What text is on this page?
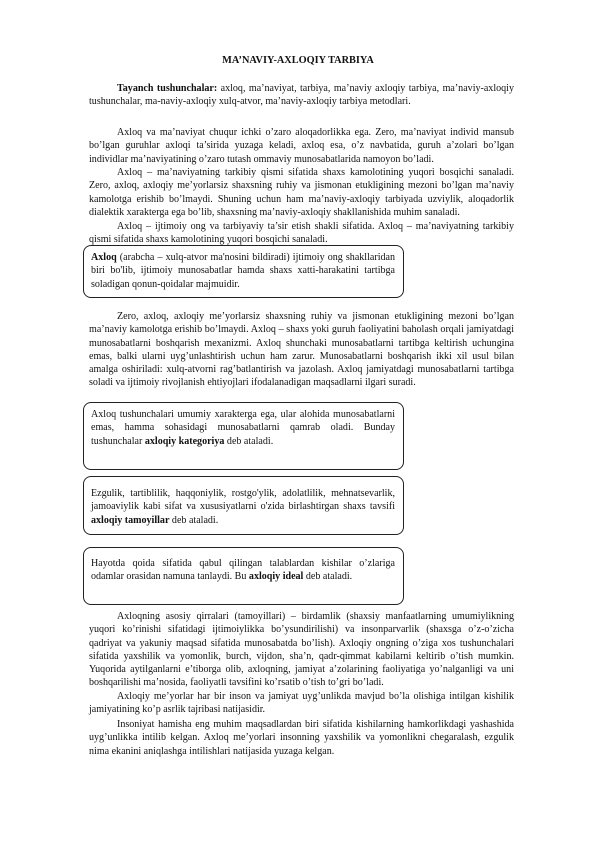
MA’NAVIY-AXLOQIY TARBIYA

Tayanch tushunchalar: axloq, ma’naviyat, tarbiya, ma’naviy axloqiy tarbiya, ma’naviy-axloqiy tushunchalar, ma-naviy-axloqiy xulq-atvor, ma’naviy-axloqiy tarbiya metodlari.

Axloq va ma’naviyat chuqur ichki o’zaro aloqadorlikka ega. Zero, ma’naviyat individ mansub bo’lgan guruhlar axloqi ta’sirida yuzaga keladi, axloq esa, o’z navbatida, guruh a’zolari bo’lgan individlar ma’naviyatining o’zaro tutash ommaviy munosabatlarida namoyon bo’ladi.

Axloq – ma’naviyatning tarkibiy qismi sifatida shaxs kamolotining yuqori bosqichi sanaladi. Zero, axloq, axloqiy me’yorlarsiz shaxsning ruhiy va jismonan etukligining mezoni bo’lgan ma’naviy kamolotga erishib bo’lmaydi. Shuning uchun ham ma’naviy-axloqiy tarbiyada uzviylik, aloqadorlik dialektik xarakterga ega bo’lib, shaxsning ma’naviy-axloqiy shakllanishida muhim sanaladi.

Axloq – ijtimoiy ong va tarbiyaviy ta’sir etish shakli sifatida. Axloq – ma’naviyatning tarkibiy qismi sifatida shaxs kamolotining yuqori bosqichi sanaladi.

Axloq (arabcha – xulq-atvor ma'nosini bildiradi) ijtimoiy ong shakllaridan biri bo'lib, ijtimoiy munosabatlar hamda shaxs xatti-harakatini tartibga soladigan qonun-qoidalar majmuidir.

Zero, axloq, axloqiy me’yorlarsiz shaxsning ruhiy va jismonan etukligining mezoni bo’lgan ma’naviy kamolotga erishib bo’lmaydi. Axloq – shaxs yoki guruh faoliyatini baholash orqali jamiyatdagi munosabatlarni boshqarish mexanizmi. Axloq shunchaki munosabatlarni tartibga keltirish uchungina emas, balki ularni uyg’unlashtirish uchun ham zarur. Munosabatlarni boshqarish ikki xil usul bilan amalga oshiriladi: xulq-atvorni rag’batlantirish va jazolash. Axloq jamiyatdagi munosabatlarni tartibga soladi va ijtimoiy rivojlanish ehtiyojlari ifodalanadigan maqsadlarni ilgari suradi.

Axloq tushunchalari umumiy xarakterga ega, ular alohida munosabatlarni emas, hamma sohasidagi munosabatlarni qamrab oladi. Bunday tushunchalar axloqiy kategoriya deb ataladi.

Ezgulik, tartiblilik, haqqoniylik, rostgo'ylik, adolatlilik, mehnatsevarlik, jamoaviylik kabi sifat va xususiyatlarni o'zida birlashtirgan shaxs tavsifi axloqiy tamoyillar deb ataladi.

Hayotda qoida sifatida qabul qilingan talablardan kishilar o’zlariga odamlar orasidan namuna tanlaydi. Bu axloqiy ideal deb ataladi.

Axloqning asosiy qirralari (tamoyillari) – birdamlik (shaxsiy manfaatlarning umumiylikning yuqori ko’rinishi sifatidagi ijtimoiylikka bo’ysundirilishi) va insonparvarlik (shaxsga o’z-o’zicha qadriyat va yakuniy maqsad sifatida munosabatda bo’lish). Axloqiy ongning o’ziga xos tushunchalari sifatida yaxshilik va yomonlik, burch, vijdon, sha’n, qadr-qimmat kabilarni keltirib o’tish mumkin. Yuqorida aytilganlarni e’tiborga olib, axloqning, jamiyat a’zolarining faoliyatiga yo’nalganligi va uni boshqarilishi ma’nosida, faoliyatli tavsifini ko’rsatib o’tish to’gri bo’ladi.

Axloqiy me’yorlar har bir inson va jamiyat uyg’unlikda mavjud bo’la olishiga intilgan kishilik jamiyatining ko’p asrlik tajribasi natijasidir.

Insoniyat hamisha eng muhim maqsadlardan biri sifatida kishilarning hamkorlikdagi yashashida uyg’unlikka intilib kelgan. Axloq me’yorlari insonning yaxshilik va yomonlikni chegaralash, ezgulik nima ekanini aniqlashga intilishlari natijasida yuzaga kelgan.
